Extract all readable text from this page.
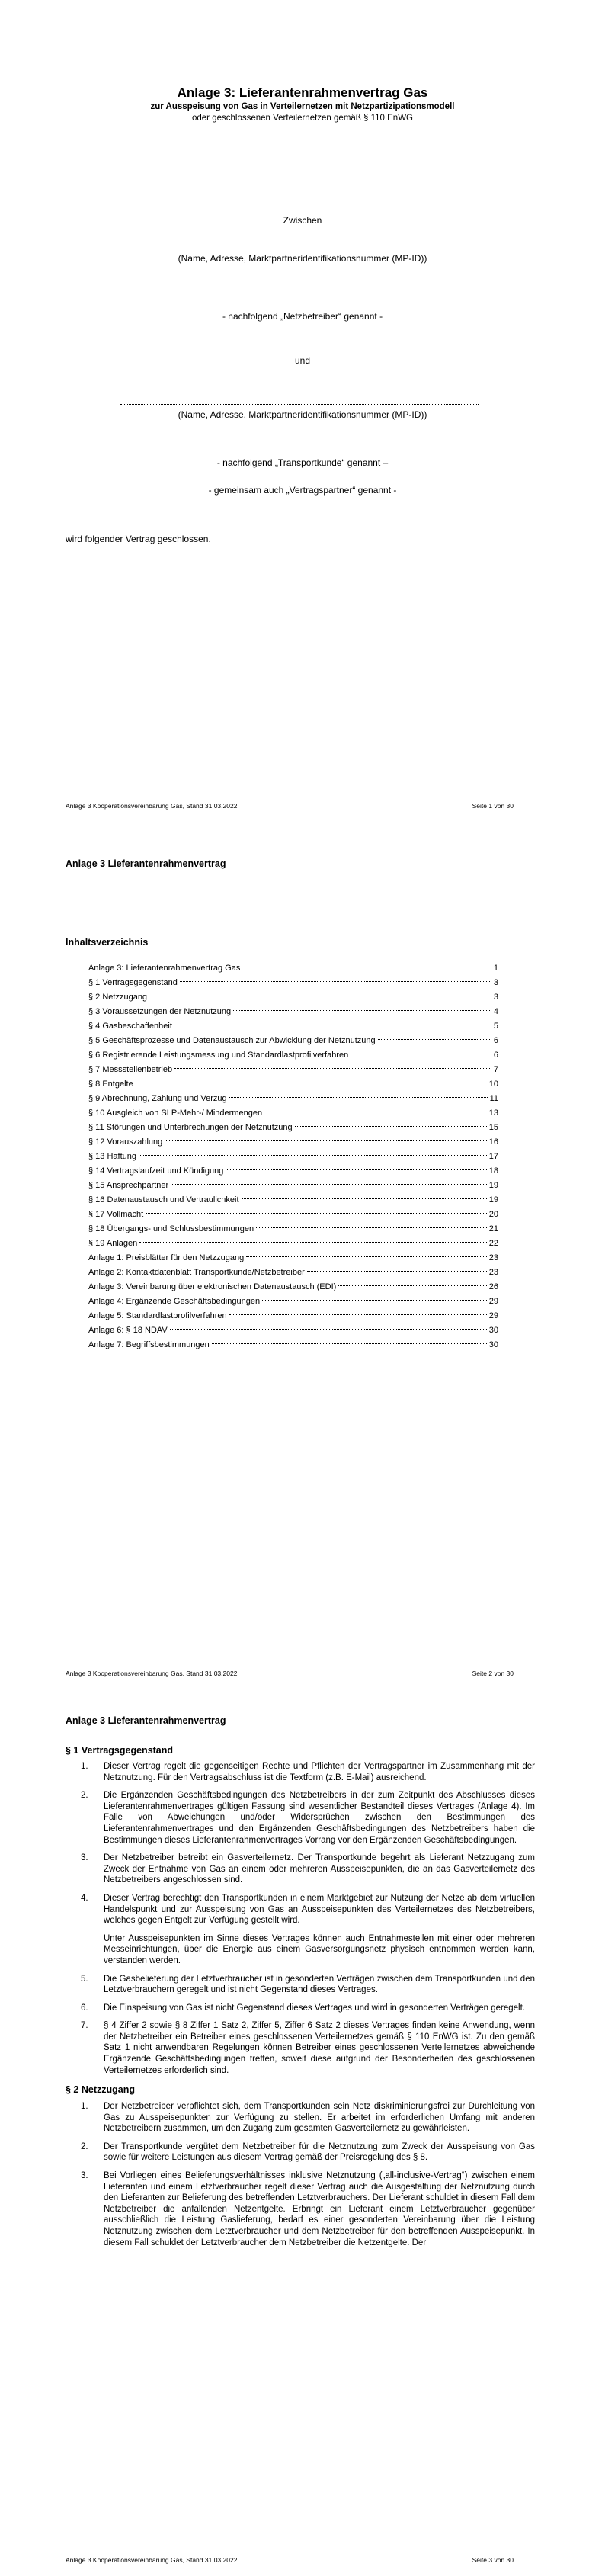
Anlage 3: Lieferantenrahmenvertrag Gas
zur Ausspeisung von Gas in Verteilernetzen mit Netzpartizipationsmodell
oder geschlossenen Verteilernetzen gemäß § 110 EnWG
Zwischen
(Name, Adresse, Marktpartneridentifikationsnummer (MP-ID))
- nachfolgend „Netzbetreiber“ genannt -
und
(Name, Adresse, Marktpartneridentifikationsnummer (MP-ID))
- nachfolgend „Transportkunde“ genannt –
- gemeinsam auch „Vertragspartner“ genannt -
wird folgender Vertrag geschlossen.
Anlage 3 Kooperationsvereinbarung Gas, Stand 31.03.2022	Seite 1 von 30
Anlage 3 Lieferantenrahmenvertrag
Inhaltsverzeichnis
Anlage 3: Lieferantenrahmenvertrag Gas	1
§ 1 Vertragsgegenstand	3
§ 2 Netzzugang	3
§ 3 Voraussetzungen der Netznutzung	4
§ 4 Gasbeschaffenheit	5
§ 5 Geschäftsprozesse und Datenaustausch zur Abwicklung der Netznutzung	6
§ 6 Registrierende Leistungsmessung und Standardlastprofilverfahren	6
§ 7 Messstellenbetrieb	7
§ 8 Entgelte	10
§ 9 Abrechnung, Zahlung und Verzug	11
§ 10 Ausgleich von SLP-Mehr-/ Mindermengen	13
§ 11 Störungen und Unterbrechungen der Netznutzung	15
§ 12 Vorauszahlung	16
§ 13 Haftung	17
§ 14 Vertragslaufzeit und Kündigung	18
§ 15 Ansprechpartner	19
§ 16 Datenaustausch und Vertraulichkeit	19
§ 17 Vollmacht	20
§ 18 Übergangs- und Schlussbestimmungen	21
§ 19 Anlagen	22
Anlage 1: Preisblätter für den Netzzugang	23
Anlage 2: Kontaktdatenblatt Transportkunde/Netzbetreiber	23
Anlage 3: Vereinbarung über elektronischen Datenaustausch (EDI)	26
Anlage 4: Ergänzende Geschäftsbedingungen	29
Anlage 5: Standardlastprofilverfahren	29
Anlage 6: § 18 NDAV	30
Anlage 7: Begriffsbestimmungen	30
Anlage 3 Kooperationsvereinbarung Gas, Stand 31.03.2022	Seite 2 von 30
Anlage 3 Lieferantenrahmenvertrag
§ 1 Vertragsgegenstand
1. Dieser Vertrag regelt die gegenseitigen Rechte und Pflichten der Vertragspartner im Zusammenhang mit der Netznutzung. Für den Vertragsabschluss ist die Textform (z.B. E-Mail) ausreichend.
2. Die Ergänzenden Geschäftsbedingungen des Netzbetreibers in der zum Zeitpunkt des Abschlusses dieses Lieferantenrahmenvertrages gültigen Fassung sind wesentlicher Bestandteil dieses Vertrages (Anlage 4). Im Falle von Abweichungen und/oder Widersprüchen zwischen den Bestimmungen des Lieferantenrahmenvertrages und den Ergänzenden Geschäftsbedingungen des Netzbetreibers haben die Bestimmungen dieses Lieferantenrahmenvertrages Vorrang vor den Ergänzenden Geschäftsbedingungen.
3. Der Netzbetreiber betreibt ein Gasverteilernetz. Der Transportkunde begehrt als Lieferant Netzzugang zum Zweck der Entnahme von Gas an einem oder mehreren Ausspeisepunkten, die an das Gasverteilernetz des Netzbetreibers angeschlossen sind.
4. Dieser Vertrag berechtigt den Transportkunden in einem Marktgebiet zur Nutzung der Netze ab dem virtuellen Handelspunkt und zur Ausspeisung von Gas an Ausspeisepunkten des Verteilernetzes des Netzbetreibers, welches gegen Entgelt zur Verfügung gestellt wird.
Unter Ausspeisepunkten im Sinne dieses Vertrages können auch Entnahmestellen mit einer oder mehreren Messeinrichtungen, über die Energie aus einem Gasversorgungsnetz physisch entnommen werden kann, verstanden werden.
5. Die Gasbelieferung der Letztverbraucher ist in gesonderten Verträgen zwischen dem Transportkunden und den Letztverbrauchern geregelt und ist nicht Gegenstand dieses Vertrages.
6. Die Einspeisung von Gas ist nicht Gegenstand dieses Vertrages und wird in gesonderten Verträgen geregelt.
7. § 4 Ziffer 2 sowie § 8 Ziffer 1 Satz 2, Ziffer 5, Ziffer 6 Satz 2 dieses Vertrages finden keine Anwendung, wenn der Netzbetreiber ein Betreiber eines geschlossenen Verteilernetzes gemäß § 110 EnWG ist. Zu den gemäß Satz 1 nicht anwendbaren Regelungen können Betreiber eines geschlossenen Verteilernetzes abweichende Ergänzende Geschäftsbedingungen treffen, soweit diese aufgrund der Besonderheiten des geschlossenen Verteilernetzes erforderlich sind.
§ 2 Netzzugang
1. Der Netzbetreiber verpflichtet sich, dem Transportkunden sein Netz diskriminierungsfrei zur Durchleitung von Gas zu Ausspeisepunkten zur Verfügung zu stellen. Er arbeitet im erforderlichen Umfang mit anderen Netzbetreibern zusammen, um den Zugang zum gesamten Gasverteilernetz zu gewährleisten.
2. Der Transportkunde vergütet dem Netzbetreiber für die Netznutzung zum Zweck der Ausspeisung von Gas sowie für weitere Leistungen aus diesem Vertrag gemäß der Preisregelung des § 8.
3. Bei Vorliegen eines Belieferungsverhältnisses inklusive Netznutzung („all-inclusive-Vertrag“) zwischen einem Lieferanten und einem Letztverbraucher regelt dieser Vertrag auch die Ausgestaltung der Netznutzung durch den Lieferanten zur Belieferung des betreffenden Letztverbrauchers. Der Lieferant schuldet in diesem Fall dem Netzbetreiber die anfallenden Netzentgelte. Erbringt ein Lieferant einem Letztverbraucher gegenüber ausschließlich die Leistung Gaslieferung, bedarf es einer gesonderten Vereinbarung über die Leistung Netznutzung zwischen dem Letztverbraucher und dem Netzbetreiber für den betreffenden Ausspeisepunkt. In diesem Fall schuldet der Letztverbraucher dem Netzbetreiber die Netzentgelte. Der
Anlage 3 Kooperationsvereinbarung Gas, Stand 31.03.2022	Seite 3 von 30
